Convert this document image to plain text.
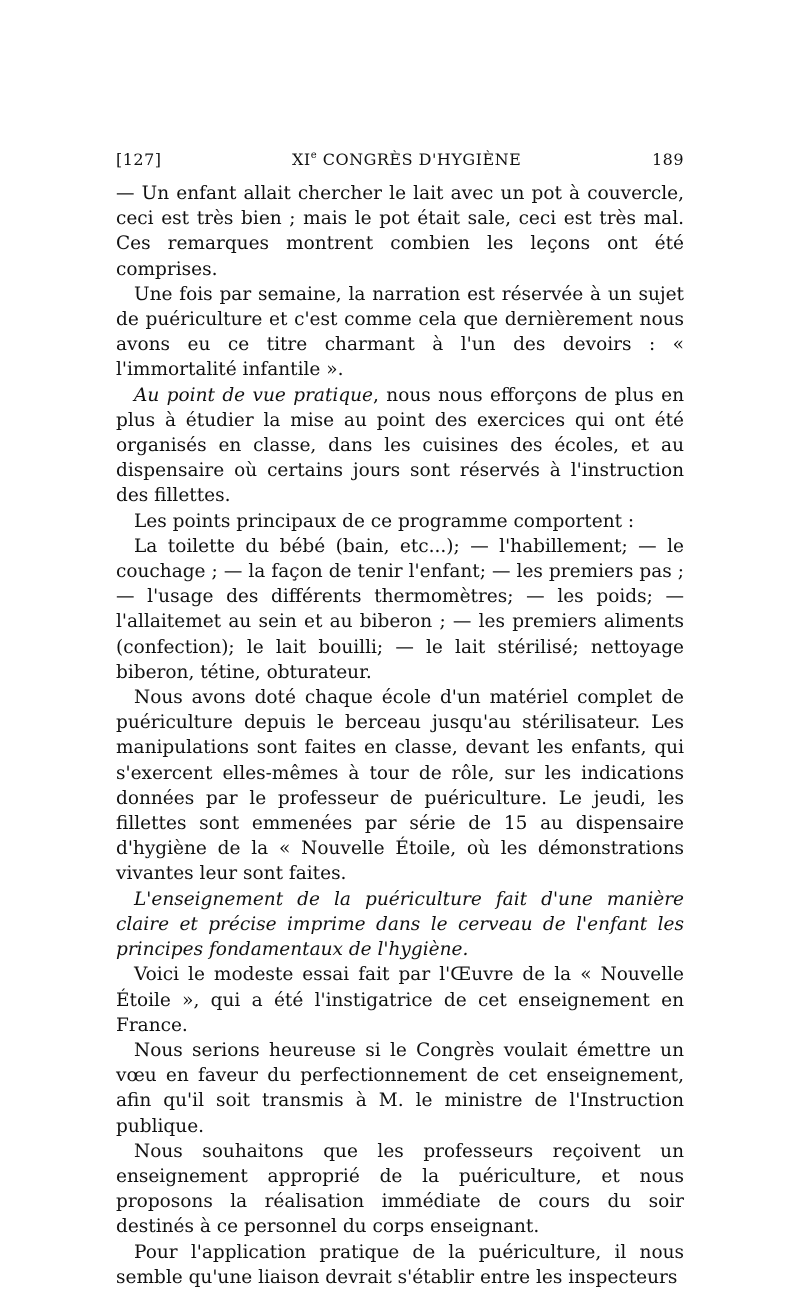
[127]	XIe CONGRÈS D'HYGIÈNE	189

— Un enfant allait chercher le lait avec un pot à couvercle, ceci est très bien ; mais le pot était sale, ceci est très mal. Ces remarques montrent combien les leçons ont été comprises.

Une fois par semaine, la narration est réservée à un sujet de puériculture et c'est comme cela que dernièrement nous avons eu ce titre charmant à l'un des devoirs : « l'immortalité infantile ».

Au point de vue pratique, nous nous efforçons de plus en plus à étudier la mise au point des exercices qui ont été organisés en classe, dans les cuisines des écoles, et au dispensaire où certains jours sont réservés à l'instruction des fillettes.

Les points principaux de ce programme comportent :

La toilette du bébé (bain, etc...); — l'habillement; — le couchage ; — la façon de tenir l'enfant; — les premiers pas ; — l'usage des différents thermomètres; — les poids; — l'allaitemet au sein et au biberon ; — les premiers aliments (confection); le lait bouilli; — le lait stérilisé; nettoyage biberon, tétine, obturateur.

Nous avons doté chaque école d'un matériel complet de puériculture depuis le berceau jusqu'au stérilisateur. Les manipulations sont faites en classe, devant les enfants, qui s'exercent elles-mêmes à tour de rôle, sur les indications données par le professeur de puériculture. Le jeudi, les fillettes sont emmenées par série de 15 au dispensaire d'hygiène de la « Nouvelle Étoile, où les démonstrations vivantes leur sont faites.

L'enseignement de la puériculture fait d'une manière claire et précise imprime dans le cerveau de l'enfant les principes fondamentaux de l'hygiène.

Voici le modeste essai fait par l'Œuvre de la « Nouvelle Étoile », qui a été l'instigatrice de cet enseignement en France.

Nous serions heureuse si le Congrès voulait émettre un vœu en faveur du perfectionnement de cet enseignement, afin qu'il soit transmis à M. le ministre de l'Instruction publique.

Nous souhaitons que les professeurs reçoivent un enseignement approprié de la puériculture, et nous proposons la réalisation immédiate de cours du soir destinés à ce personnel du corps enseignant.

Pour l'application pratique de la puériculture, il nous semble qu'une liaison devrait s'établir entre les inspecteurs
